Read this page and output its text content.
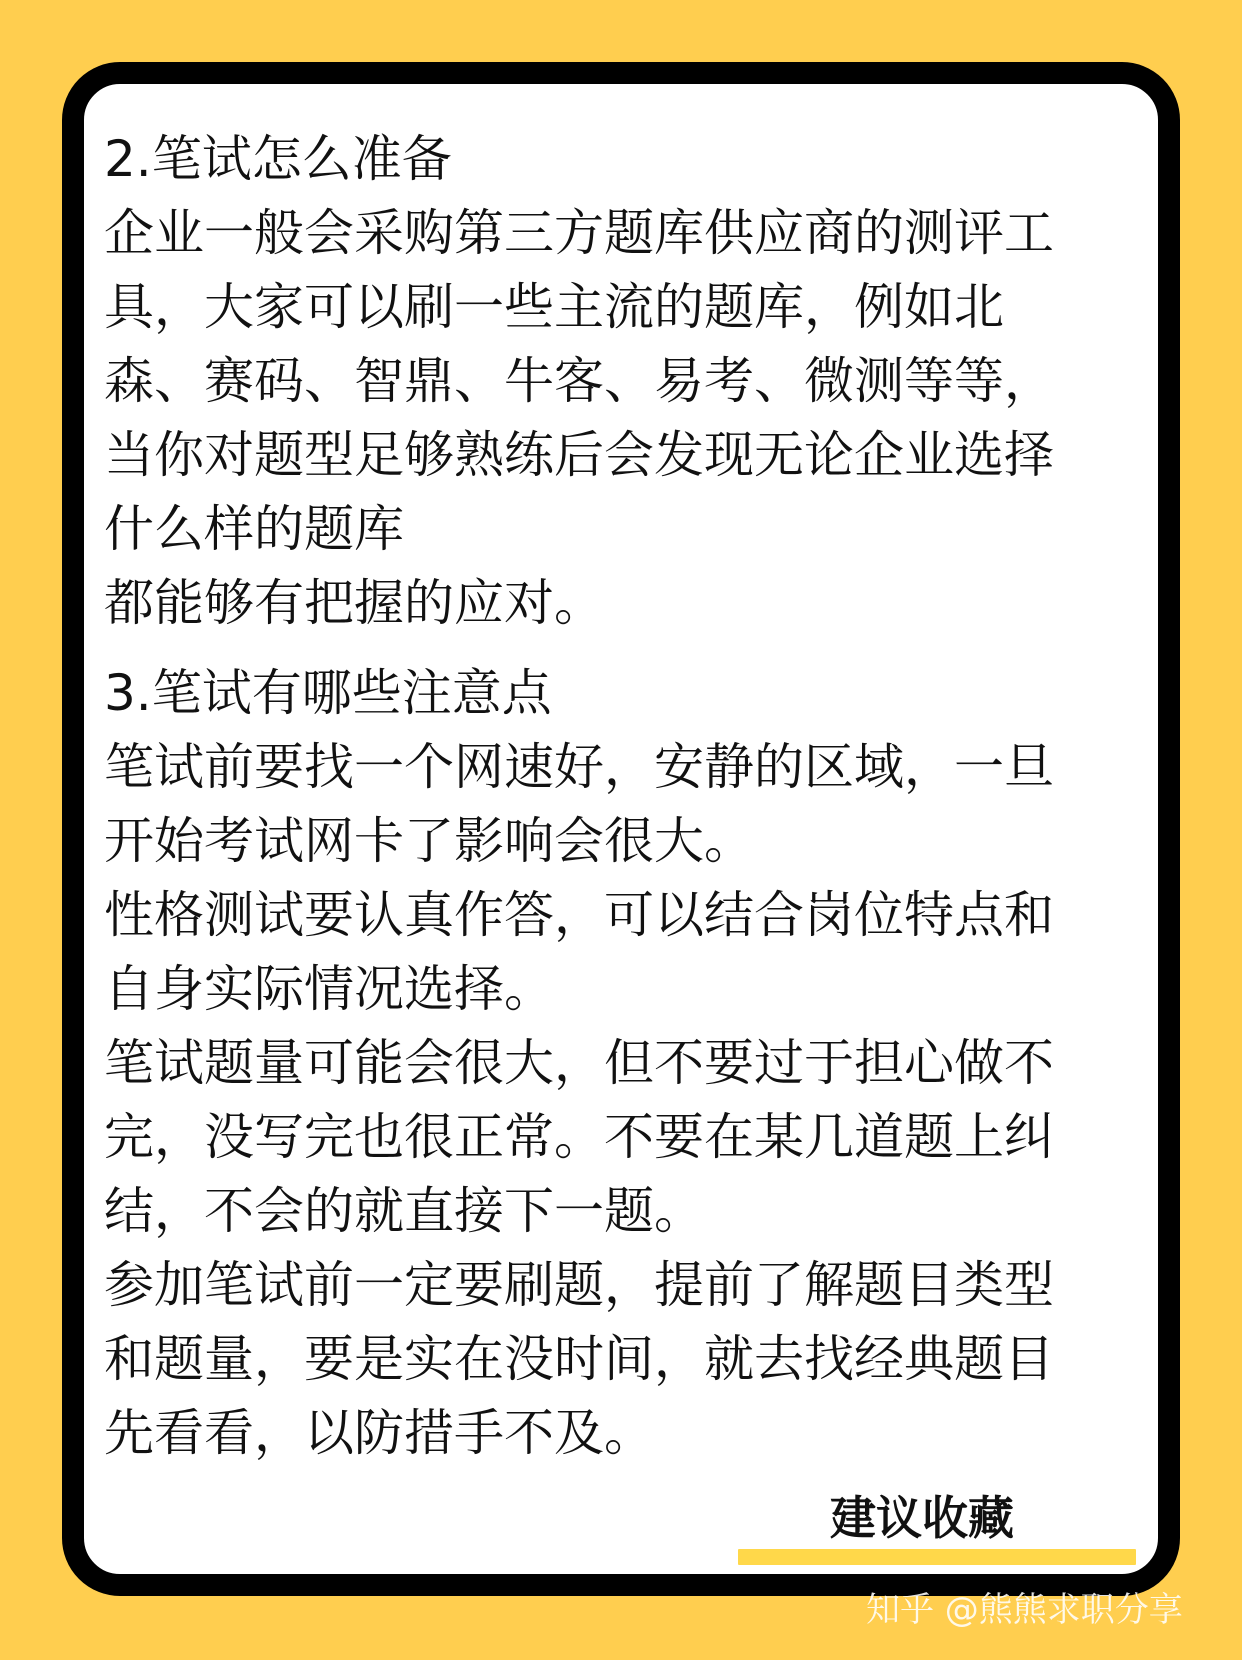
2.笔试怎么准备
企业一般会采购第三方题库供应商的测评工
具，大家可以刷一些主流的题库，例如北
森、赛码、智鼎、牛客、易考、微测等等，
当你对题型足够熟练后会发现无论企业选择
什么样的题库
都能够有把握的应对。
3.笔试有哪些注意点
笔试前要找一个网速好，安静的区域，一旦
开始考试网卡了影响会很大。
性格测试要认真作答，可以结合岗位特点和
自身实际情况选择。
笔试题量可能会很大，但不要过于担心做不
完，没写完也很正常。不要在某几道题上纠
结，不会的就直接下一题。
参加笔试前一定要刷题，提前了解题目类型
和题量，要是实在没时间，就去找经典题目
先看看，以防措手不及。
建议收藏
知乎 @熊熊求职分享
